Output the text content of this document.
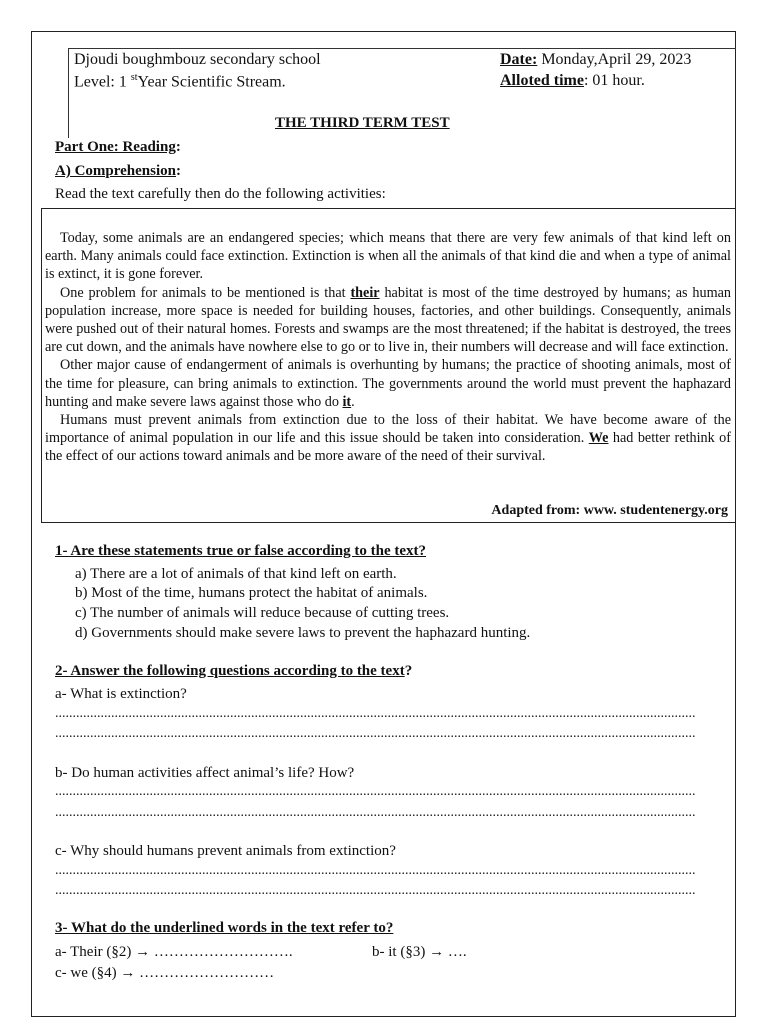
Djoudi boughmbouz secondary school
Level: 1 $^{st}$Year Scientific Stream.
Date: Monday,April 29, 2023
Alloted time: 01 hour.
THE THIRD TERM TEST
Part One: Reading:
A) Comprehension:
Read the text carefully then do the following activities:

Today, some animals are an endangered species; which means that there are very few animals of that kind left on earth. Many animals could face extinction. Extinction is when all the animals of that kind die and when a type of animal is extinct, it is gone forever.

One problem for animals to be mentioned is that their habitat is most of the time destroyed by humans; as human population increase, more space is needed for building houses, factories, and other buildings. Consequently, animals were pushed out of their natural homes. Forests and swamps are the most threatened; if the habitat is destroyed, the trees are cut down, and the animals have nowhere else to go or to live in, their numbers will decrease and will face extinction.

Other major cause of endangerment of animals is overhunting by humans; the practice of shooting animals, most of the time for pleasure, can bring animals to extinction. The governments around the world must prevent the haphazard hunting and make severe laws against those who do it.

Humans must prevent animals from extinction due to the loss of their habitat. We have become aware of the importance of animal population in our life and this issue should be taken into consideration. We had better rethink of the effect of our actions toward animals and be more aware of the need of their survival.

Adapted from: www. studentenergy.org
1- Are these statements true or false according to the text?
a) There are a lot of animals of that kind left on earth.
b) Most of the time, humans protect the habitat of animals.
c) The number of animals will reduce because of cutting trees.
d) Governments should make severe laws to prevent the haphazard hunting.
2- Answer the following questions according to the text?
a- What is extinction?
.......................................................................................................................................................................................
.......................................................................................................................................................................................
b- Do human activities affect animal’s life? How?
.......................................................................................................................................................................................
.......................................................................................................................................................................................
c- Why should humans prevent animals from extinction?
.......................................................................................................................................................................................
.......................................................................................................................................................................................
3- What do the underlined words in the text refer to?
a- Their (§2) → ……………………….	b- it (§3) → ….
c- we (§4) → ………………………
